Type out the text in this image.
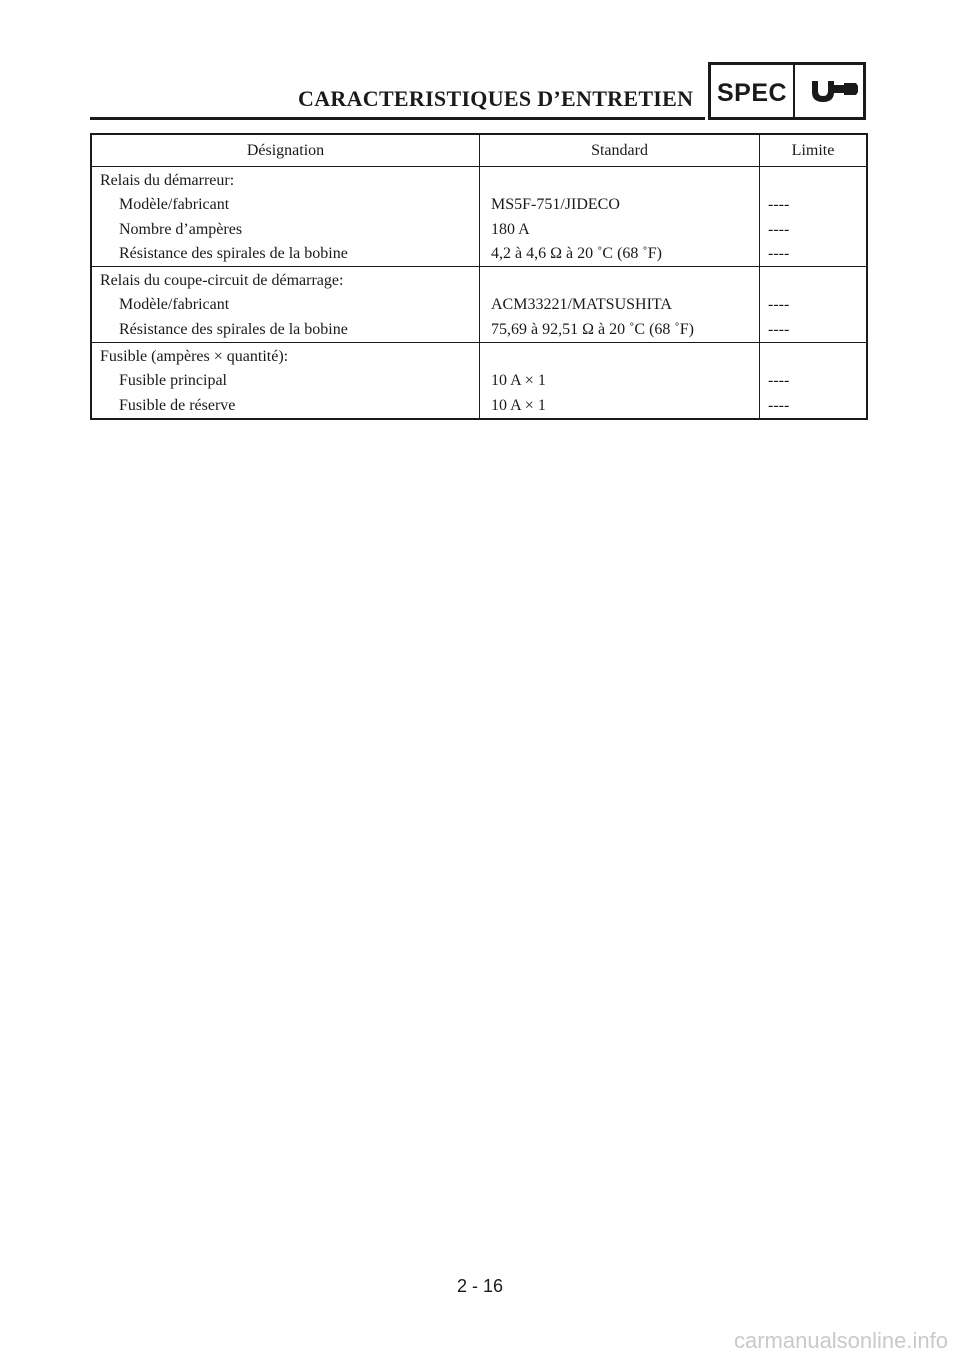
CARACTERISTIQUES D’ENTRETIEN SPEC
Désignation	Standard	Limite
Relais du démarreur:
Modèle/fabricant
Nombre d’ampères
Résistance des spirales de la bobine
MS5F-751/JIDECO
180 A
4,2 à 4,6 Ω à 20 ˚C (68 ˚F)
----
----
----
Relais du coupe-circuit de démarrage:
Modèle/fabricant
Résistance des spirales de la bobine
ACM33221/MATSUSHITA
75,69 à 92,51 Ω à 20 ˚C (68 ˚F)
----
----
Fusible (ampères × quantité):
Fusible principal
Fusible de réserve
10 A × 1
10 A × 1
----
----
2 - 16
carmanualsonline.info
